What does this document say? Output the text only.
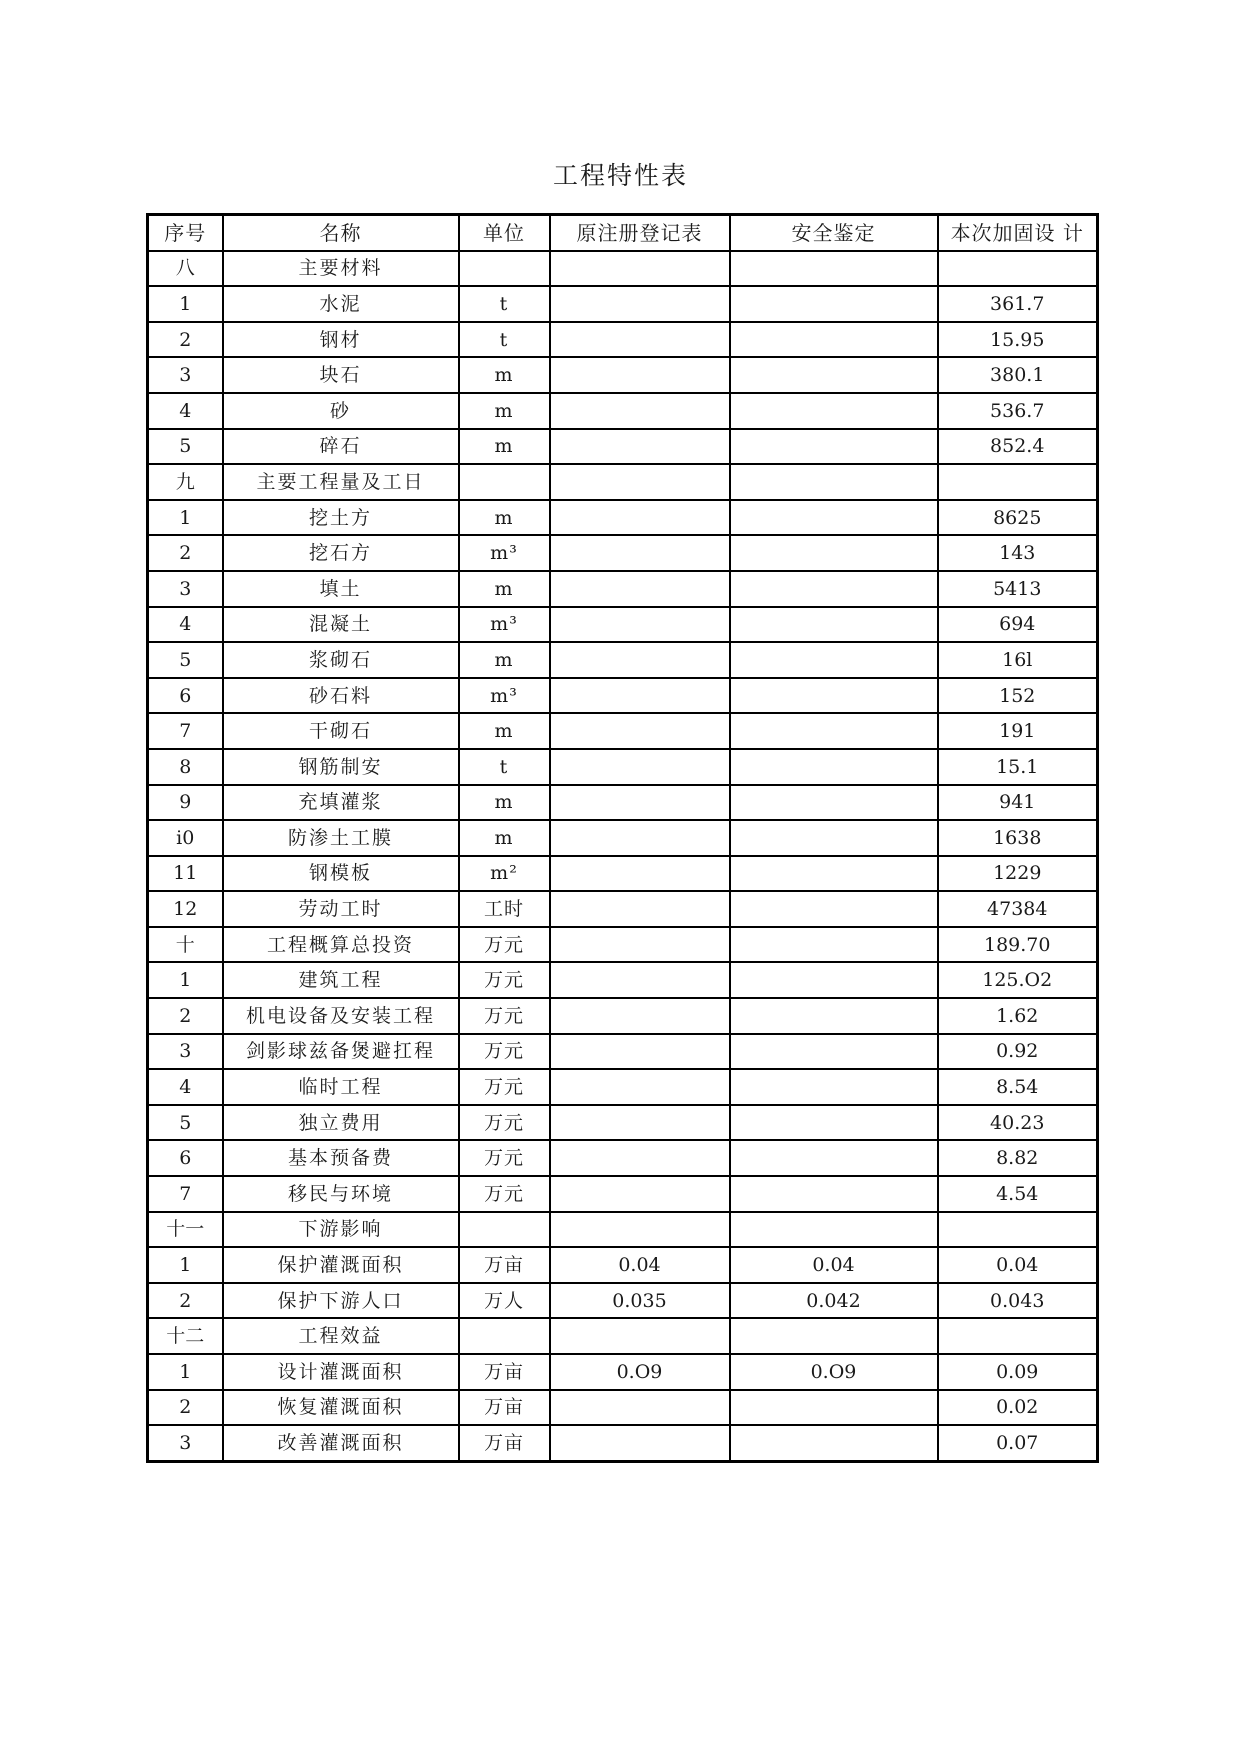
工程特性表
序号	名称	单位	原注册登记表	安全鉴定	本次加固设 计
八	主要材料				
1	水泥	t			361.7
2	钢材	t			15.95
3	块石	m			380.1
4	砂	m			536.7
5	碎石	m			852.4
九	主要工程量及工日				
1	挖土方	m			8625
2	挖石方	m³			143
3	填土	m			5413
4	混凝土	m³			694
5	浆砌石	m			16l
6	砂石料	m³			152
7	干砌石	m			191
8	钢筋制安	t			15.1
9	充填灌浆	m			941
i0	防渗土工膜	m			1638
11	钢模板	m²			1229
12	劳动工时	工时			47384
十	工程概算总投资	万元			189.70
1	建筑工程	万元			125.O2
2	机电设备及安装工程	万元			1.62
3	剑影球兹备煲避扛程	万元			0.92
4	临时工程	万元			8.54
5	独立费用	万元			40.23
6	基本预备费	万元			8.82
7	移民与环境	万元			4.54
十一	下游影响				
1	保护灌溉面积	万亩	0.04	0.04	0.04
2	保护下游人口	万人	0.035	0.042	0.043
十二	工程效益				
1	设计灌溉面积	万亩	0.O9	0.O9	0.09
2	恢复灌溉面积	万亩			0.02
3	改善灌溉面积	万亩			0.07
